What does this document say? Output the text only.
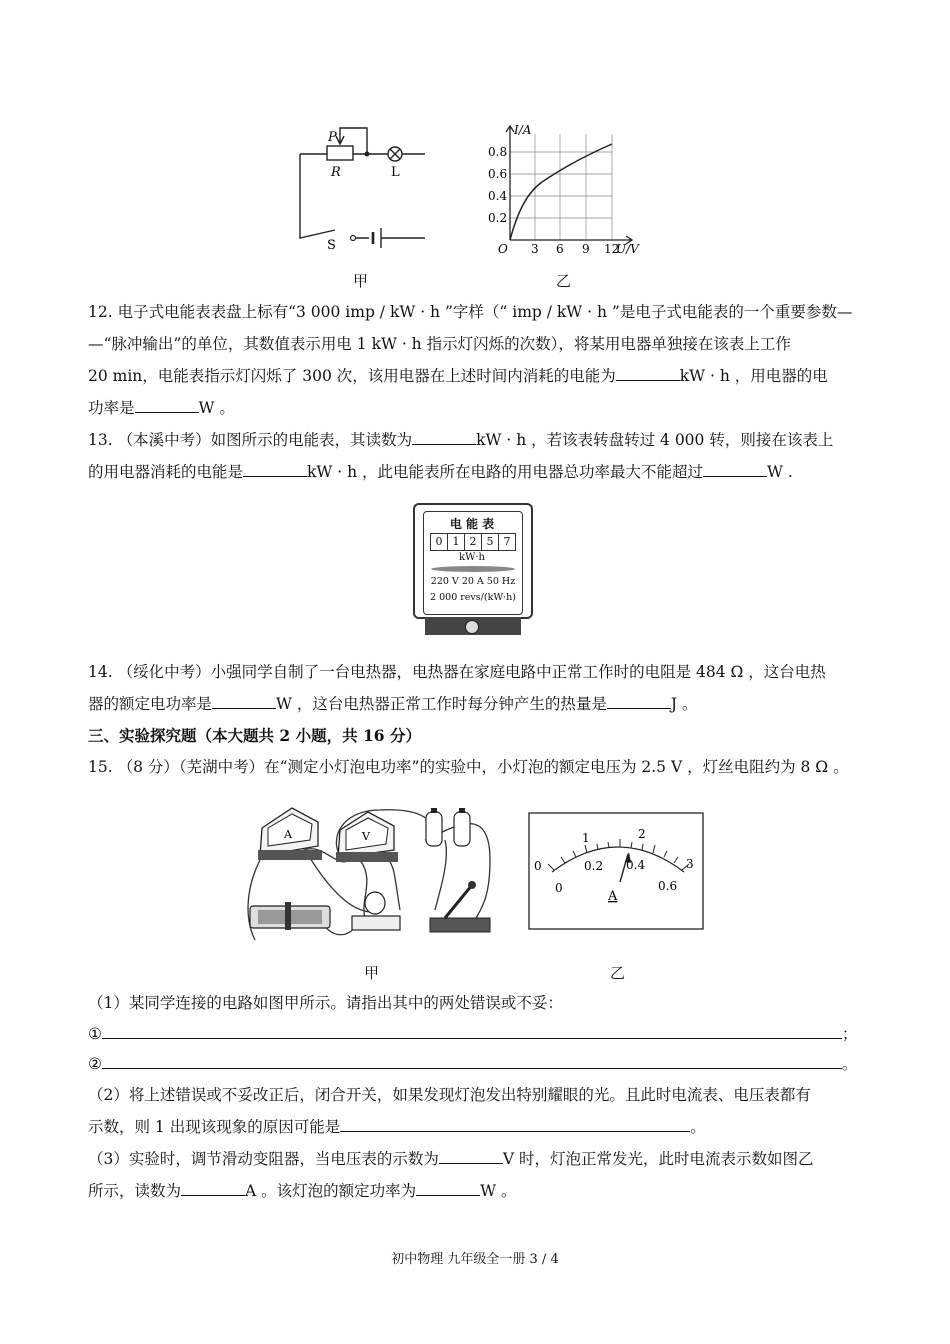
P
R	L
S
甲
I/A
U/V
O
0.8
0.6
0.4
0.2
3 6 9 12
乙
12. 电子式电能表表盘上标有“3 000 imp / kW · h ”字样（“ imp / kW · h ”是电子式电能表的一个重要参数—
—“脉冲输出”的单位，其数值表示用电 1 kW · h 指示灯闪烁的次数），将某用电器单独接在该表上工作
20 min，电能表指示灯闪烁了 300 次，该用电器在上述时间内消耗的电能为	kW · h ，用电器的电
功率是	W 。
13. （本溪中考）如图所示的电能表，其读数为	kW · h ，若该表转盘转过 4 000 转，则接在该表上
的用电器消耗的电能是	kW · h ，此电能表所在电路的用电器总功率最大不能超过	W .
电 能 表
0 1 2 5 7
kW·h
220 V 20 A 50 Hz
2 000 revs/(kW·h)
14. （绥化中考）小强同学自制了一台电热器，电热器在家庭电路中正常工作时的电阻是 484 Ω ，这台电热
器的额定电功率是	W ，这台电热器正常工作时每分钟产生的热量是	J 。
三、实验探究题（本大题共 2 小题，共 16 分）
15. （8 分）（芜湖中考）在“测定小灯泡电功率”的实验中，小灯泡的额定电压为 2.5 V ，灯丝电阻约为 8 Ω 。
A	V
甲
0
1	2
3
0
0.2 0.4
0.6
A
乙
（1）某同学连接的电路如图甲所示。请指出其中的两处错误或不妥：
①	；
②	。
（2）将上述错误或不妥改正后，闭合开关，如果发现灯泡发出特别耀眼的光。且此时电流表、电压表都有
示数，则 1 出现该现象的原因可能是	。
（3）实验时，调节滑动变阻器，当电压表的示数为	V 时，灯泡正常发光，此时电流表示数如图乙
所示，读数为	A 。该灯泡的额定功率为	W 。
初中物理 九年级全一册 3 / 4
